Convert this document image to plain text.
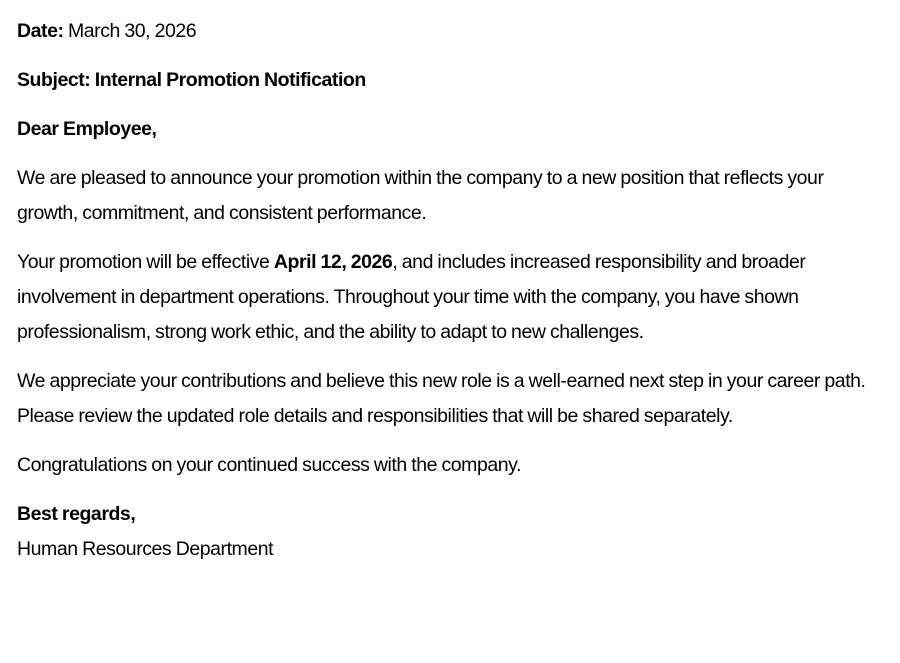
Date: March 30, 2026

Subject: Internal Promotion Notification

Dear Employee,

We are pleased to announce your promotion within the company to a new position that reflects your growth, commitment, and consistent performance.

Your promotion will be effective April 12, 2026, and includes increased responsibility and broader involvement in department operations. Throughout your time with the company, you have shown professionalism, strong work ethic, and the ability to adapt to new challenges.

We appreciate your contributions and believe this new role is a well-earned next step in your career path. Please review the updated role details and responsibilities that will be shared separately.

Congratulations on your continued success with the company.

Best regards,

Human Resources Department
